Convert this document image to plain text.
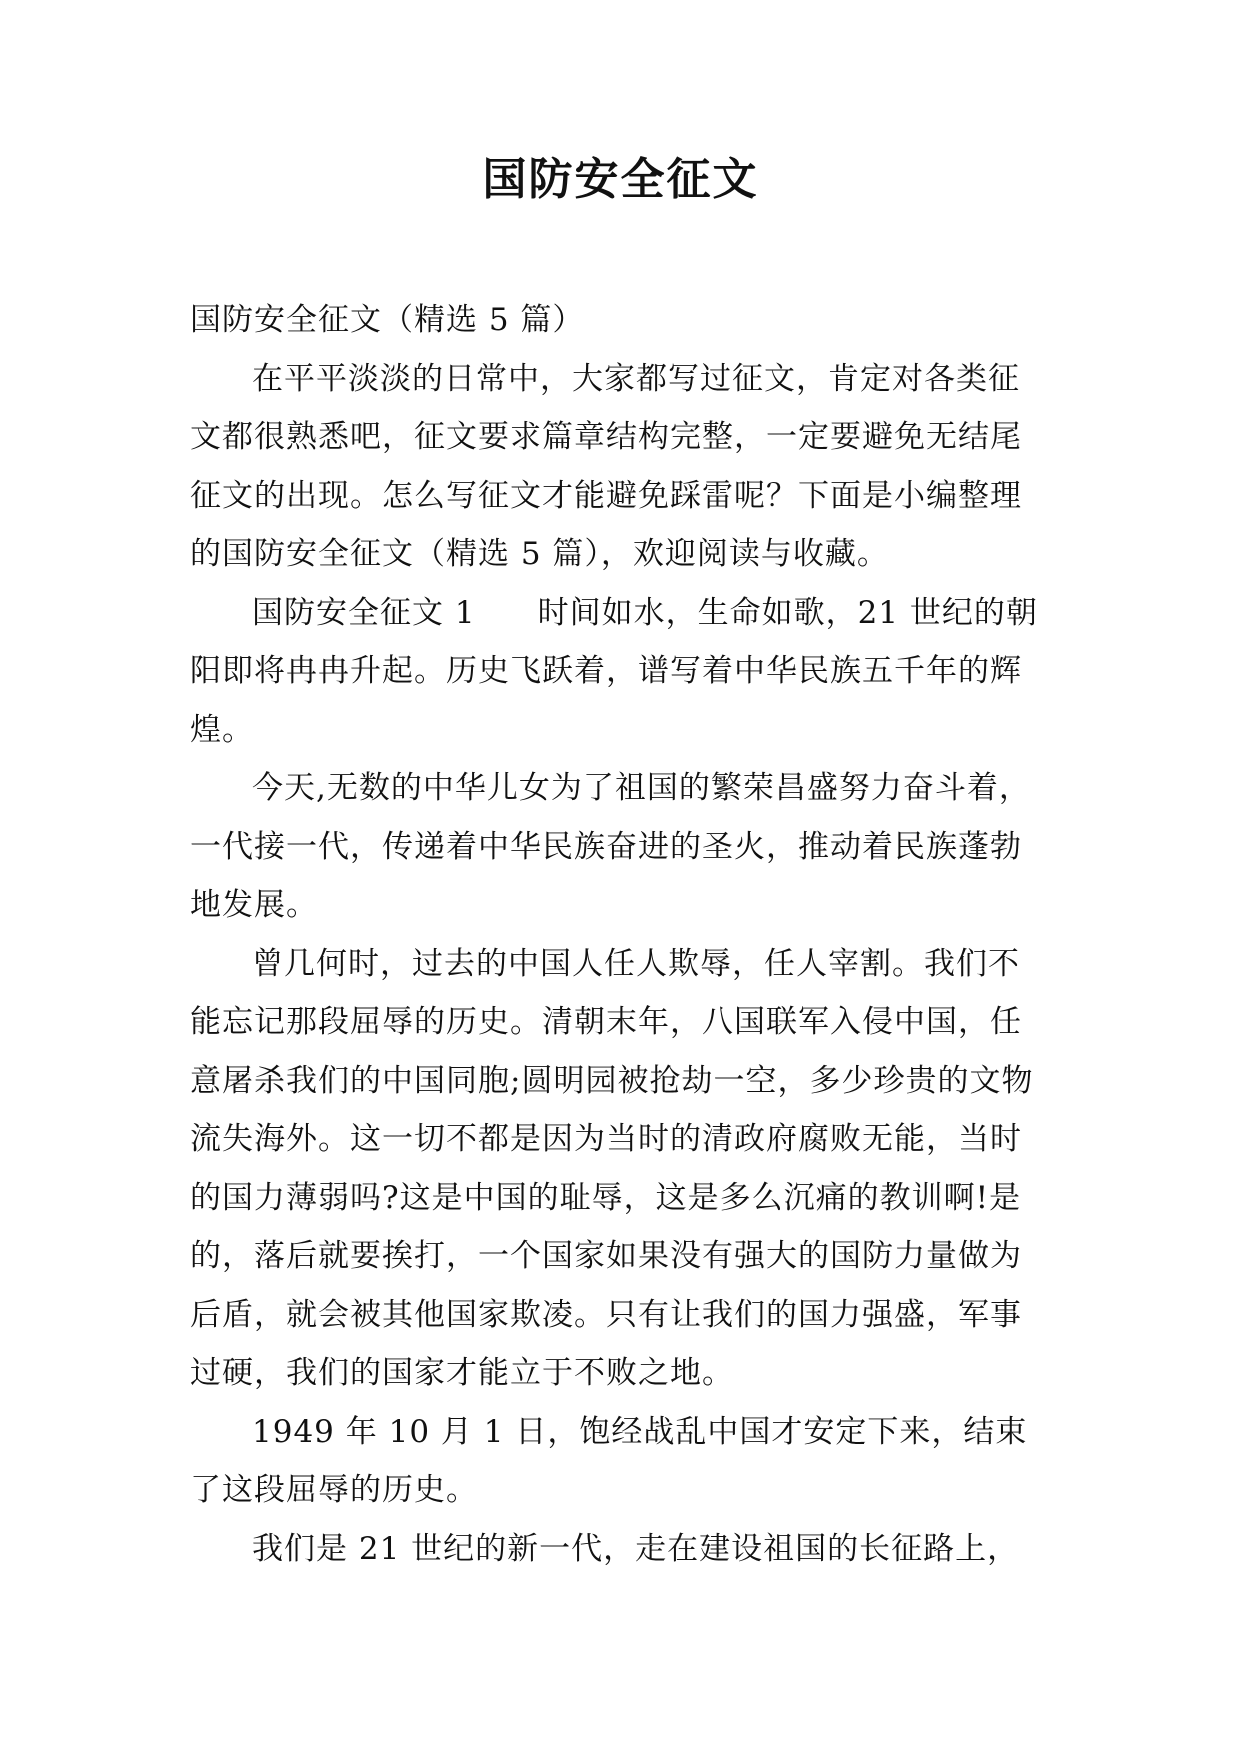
国防安全征文

国防安全征文（精选 5 篇）

在平平淡淡的日常中，大家都写过征文，肯定对各类征文都很熟悉吧，征文要求篇章结构完整，一定要避免无结尾征文的出现。怎么写征文才能避免踩雷呢？下面是小编整理的国防安全征文（精选 5 篇），欢迎阅读与收藏。

国防安全征文 1 时间如水，生命如歌，21 世纪的朝阳即将冉冉升起。历史飞跃着，谱写着中华民族五千年的辉煌。

今天,无数的中华儿女为了祖国的繁荣昌盛努力奋斗着，一代接一代，传递着中华民族奋进的圣火，推动着民族蓬勃地发展。

曾几何时，过去的中国人任人欺辱，任人宰割。我们不能忘记那段屈辱的历史。清朝末年，八国联军入侵中国，任意屠杀我们的中国同胞;圆明园被抢劫一空，多少珍贵的文物流失海外。这一切不都是因为当时的清政府腐败无能，当时的国力薄弱吗?这是中国的耻辱，这是多么沉痛的教训啊!是的，落后就要挨打，一个国家如果没有强大的国防力量做为后盾，就会被其他国家欺凌。只有让我们的国力强盛，军事过硬，我们的国家才能立于不败之地。

1949 年 10 月 1 日，饱经战乱中国才安定下来，结束了这段屈辱的历史。

我们是 21 世纪的新一代，走在建设祖国的长征路上，
